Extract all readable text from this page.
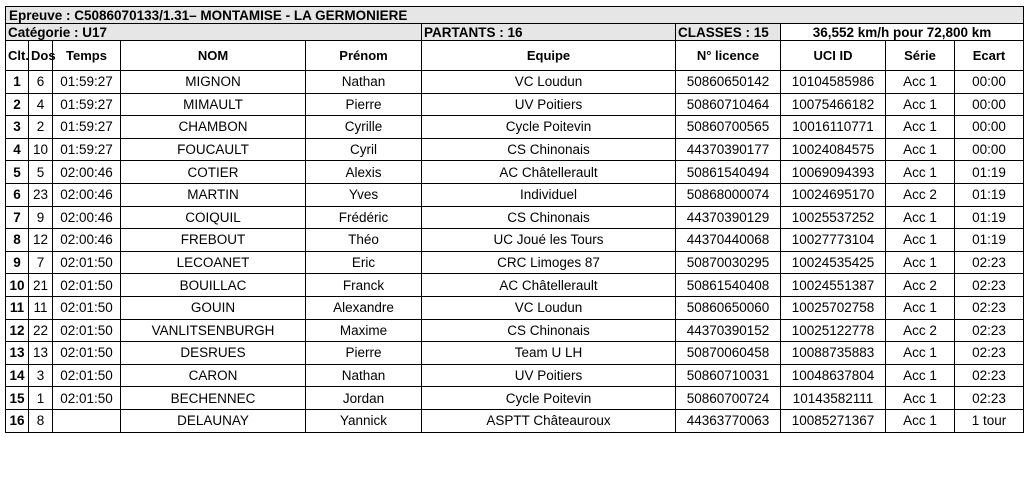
Epreuve : C5086070133/1.31– MONTAMISE - LA GERMONIERE									
Catégorie : U17					PARTANTS : 16	CLASSES : 15	36,552 km/h pour 72,800 km		
Clt.	Dos	Temps	NOM	Prénom	Equipe	N° licence	UCI ID	Série	Ecart
1	6	01:59:27	MIGNON	Nathan	VC Loudun	50860650142	10104585986	Acc 1	00:00
2	4	01:59:27	MIMAULT	Pierre	UV Poitiers	50860710464	10075466182	Acc 1	00:00
3	2	01:59:27	CHAMBON	Cyrille	Cycle Poitevin	50860700565	10016110771	Acc 1	00:00
4	10	01:59:27	FOUCAULT	Cyril	CS Chinonais	44370390177	10024084575	Acc 1	00:00
5	5	02:00:46	COTIER	Alexis	AC Châtellerault	50861540494	10069094393	Acc 1	01:19
6	23	02:00:46	MARTIN	Yves	Individuel	50868000074	10024695170	Acc 2	01:19
7	9	02:00:46	COIQUIL	Frédéric	CS Chinonais	44370390129	10025537252	Acc 1	01:19
8	12	02:00:46	FREBOUT	Théo	UC Joué les Tours	44370440068	10027773104	Acc 1	01:19
9	7	02:01:50	LECOANET	Eric	CRC Limoges 87	50870030295	10024535425	Acc 1	02:23
10	21	02:01:50	BOUILLAC	Franck	AC Châtellerault	50861540408	10024551387	Acc 2	02:23
11	11	02:01:50	GOUIN	Alexandre	VC Loudun	50860650060	10025702758	Acc 1	02:23
12	22	02:01:50	VANLITSENBURGH	Maxime	CS Chinonais	44370390152	10025122778	Acc 2	02:23
13	13	02:01:50	DESRUES	Pierre	Team U LH	50870060458	10088735883	Acc 1	02:23
14	3	02:01:50	CARON	Nathan	UV Poitiers	50860710031	10048637804	Acc 1	02:23
15	1	02:01:50	BECHENNEC	Jordan	Cycle Poitevin	50860700724	10143582111	Acc 1	02:23
16	8		DELAUNAY	Yannick	ASPTT Châteauroux	44363770063	10085271367	Acc 1	1 tour
